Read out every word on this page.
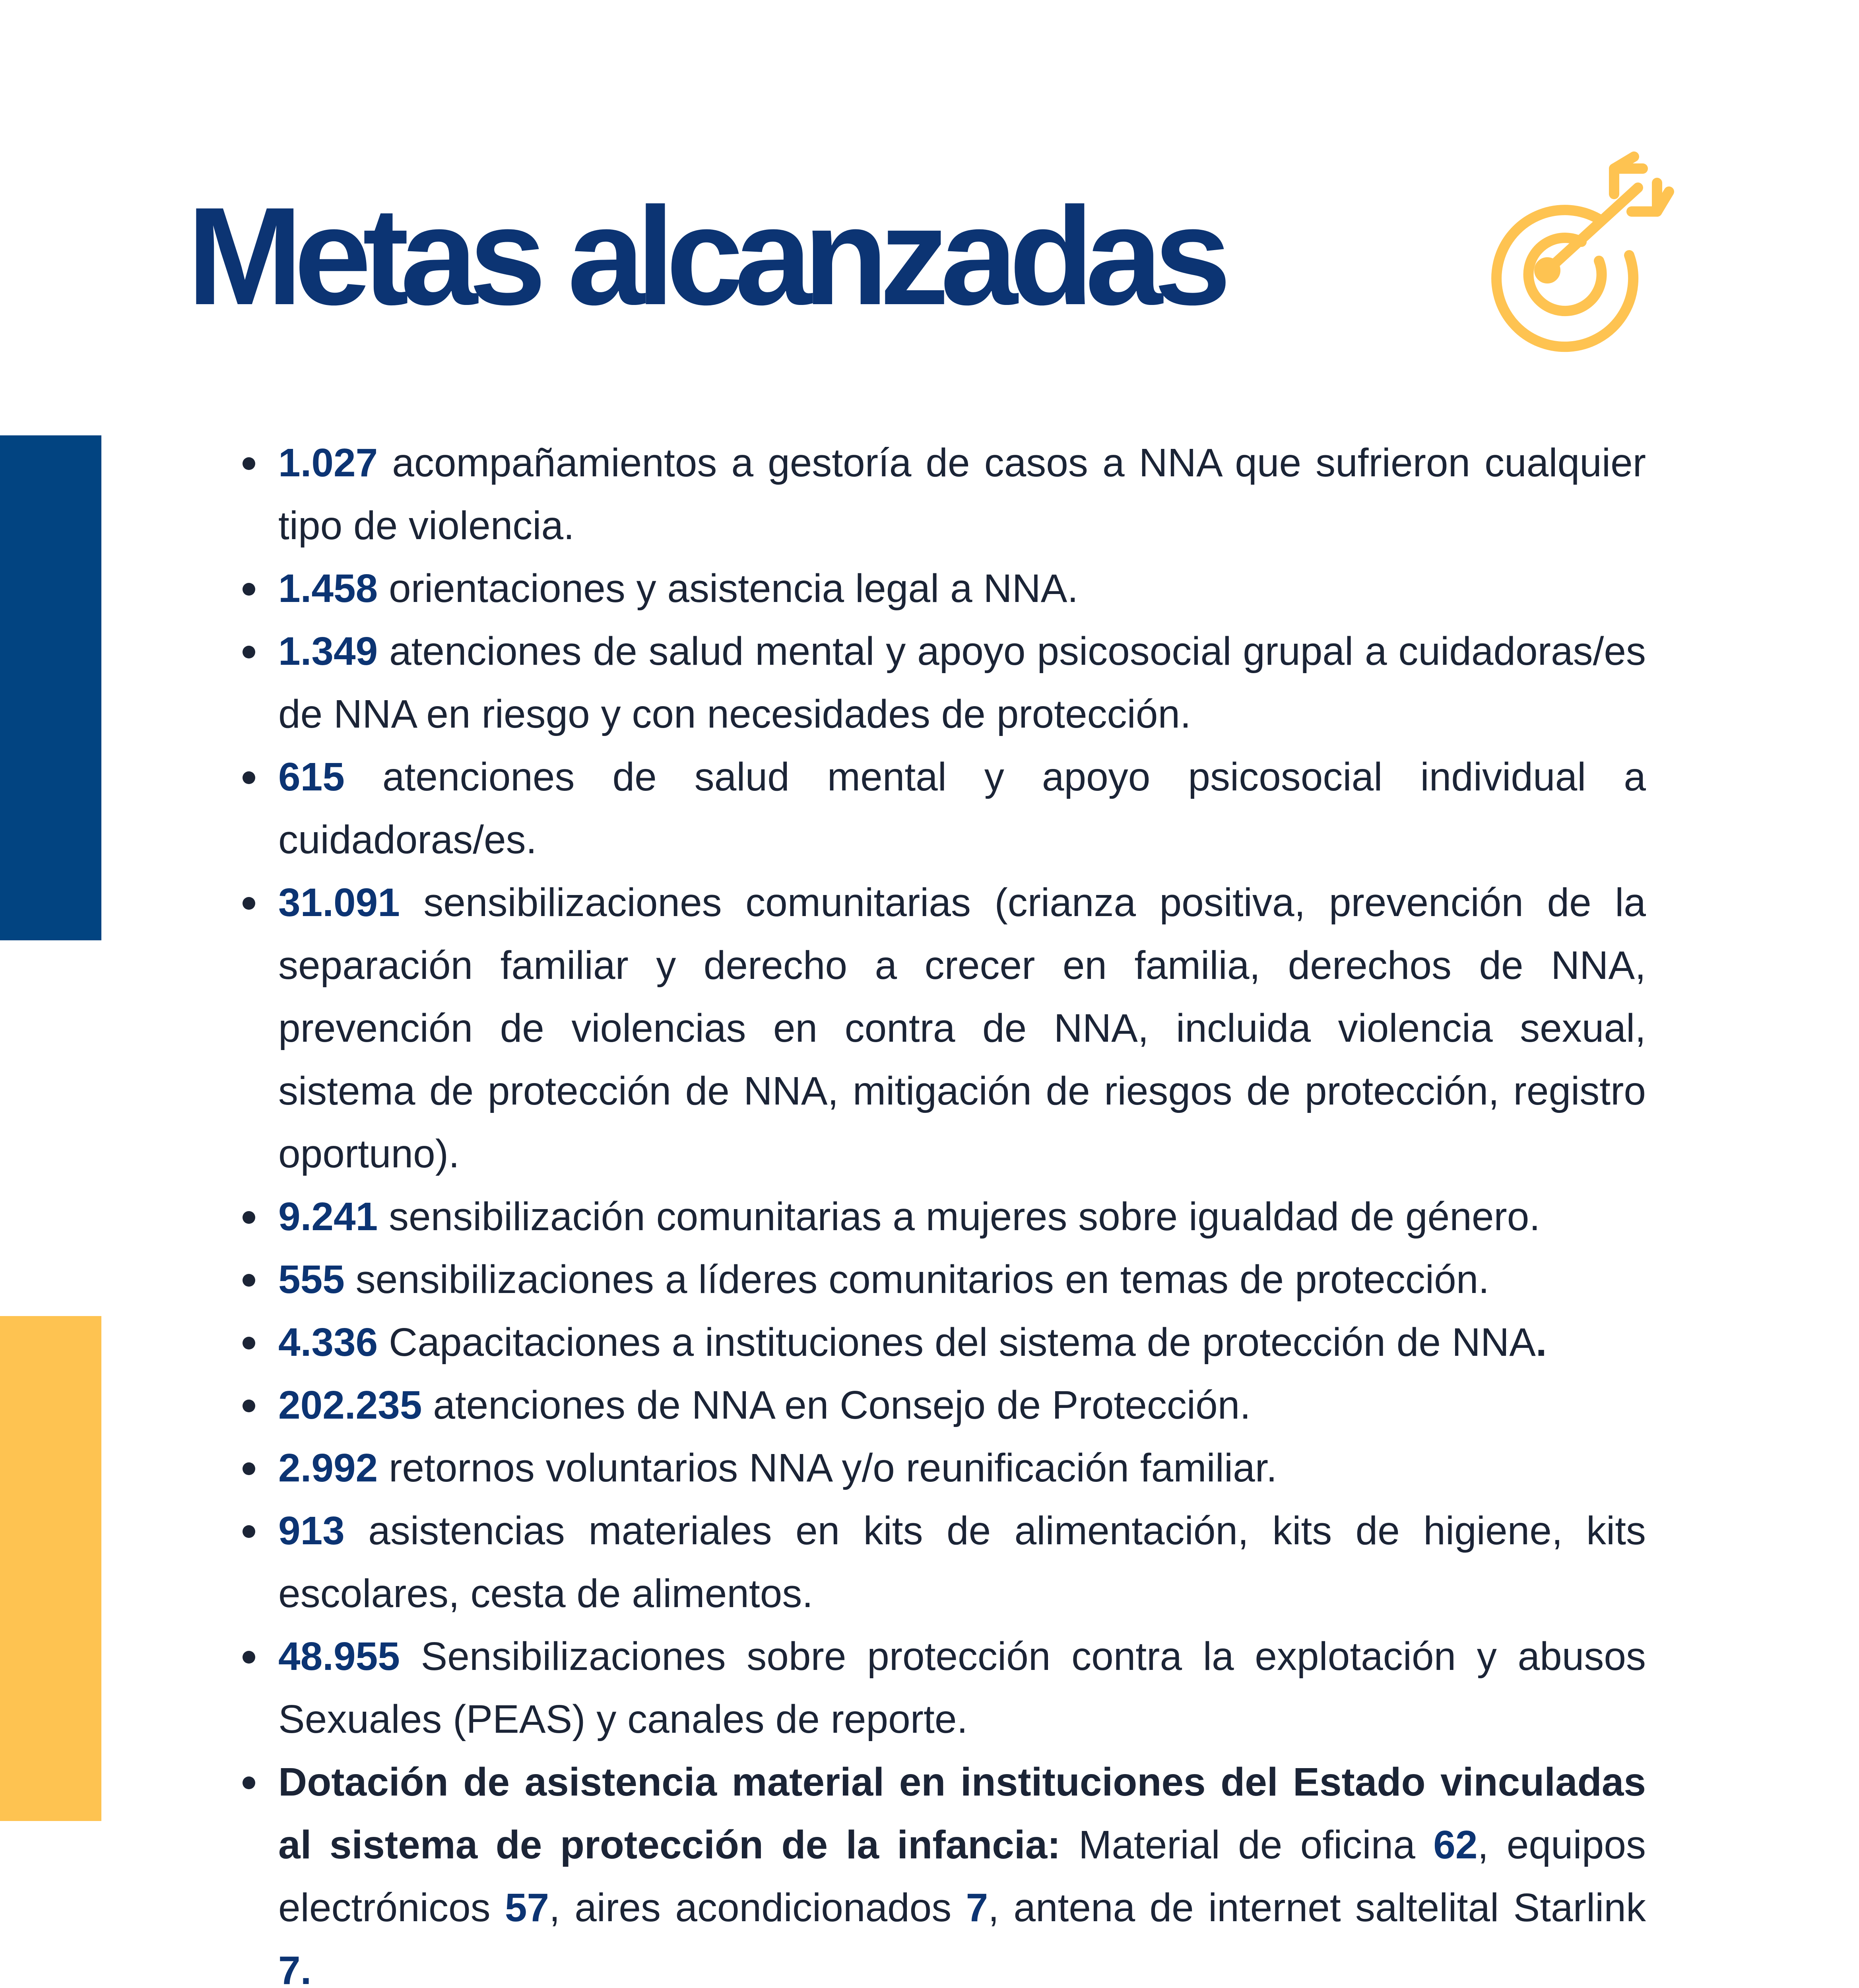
Metas alcanzadas
1.027 acompañamientos a gestoría de casos a NNA que sufrieron cualquier tipo de violencia.
1.458 orientaciones y asistencia legal a NNA.
1.349 atenciones de salud mental y apoyo psicosocial grupal a cuidadoras/es de NNA en riesgo y con necesidades de protección.
615 atenciones de salud mental y apoyo psicosocial individual a cuidadoras/es.
31.091 sensibilizaciones comunitarias (crianza positiva, prevención de la separación familiar y derecho a crecer en familia, derechos de NNA, prevención de violencias en contra de NNA, incluida violencia sexual, sistema de protección de NNA, mitigación de riesgos de protección, registro oportuno).
9.241 sensibilización comunitarias a mujeres sobre igualdad de género.
555 sensibilizaciones a líderes comunitarios en temas de protección.
4.336 Capacitaciones a instituciones del sistema de protección de NNA.
202.235 atenciones de NNA en Consejo de Protección.
2.992 retornos voluntarios NNA y/o reunificación familiar.
913 asistencias materiales en kits de alimentación, kits de higiene, kits escolares, cesta de alimentos.
48.955 Sensibilizaciones sobre protección contra la explotación y abusos Sexuales (PEAS) y canales de reporte.
Dotación de asistencia material en instituciones del Estado vinculadas al sistema de protección de la infancia: Material de oficina 62, equipos electrónicos 57, aires acondicionados 7, antena de internet saltelital Starlink 7.
